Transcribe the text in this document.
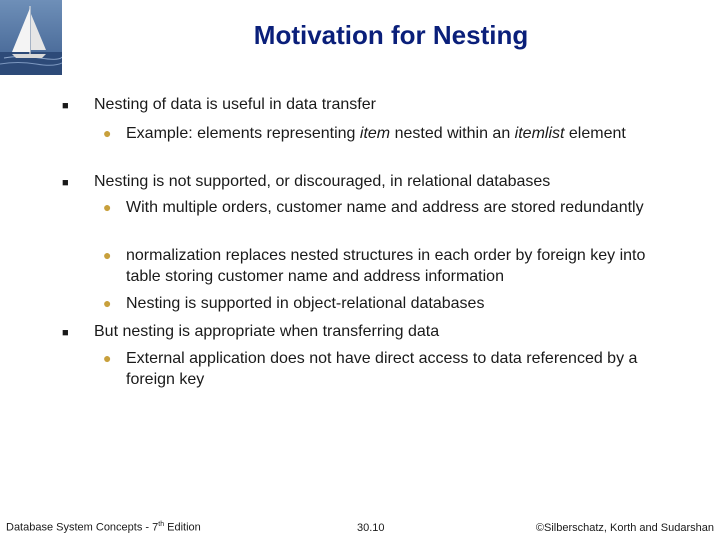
Motivation for Nesting
■ Nesting of data is useful in data transfer
● Example: elements representing item nested within an itemlist element
■ Nesting is not supported, or discouraged, in relational databases
● With multiple orders, customer name and address are stored redundantly
● normalization replaces nested structures in each order by foreign key into table storing customer name and address information
● Nesting is supported in object-relational databases
■ But nesting is appropriate when transferring data
● External application does not have direct access to data referenced by a foreign key
Database System Concepts - 7th Edition	30.10	©Silberschatz, Korth and Sudarshan
